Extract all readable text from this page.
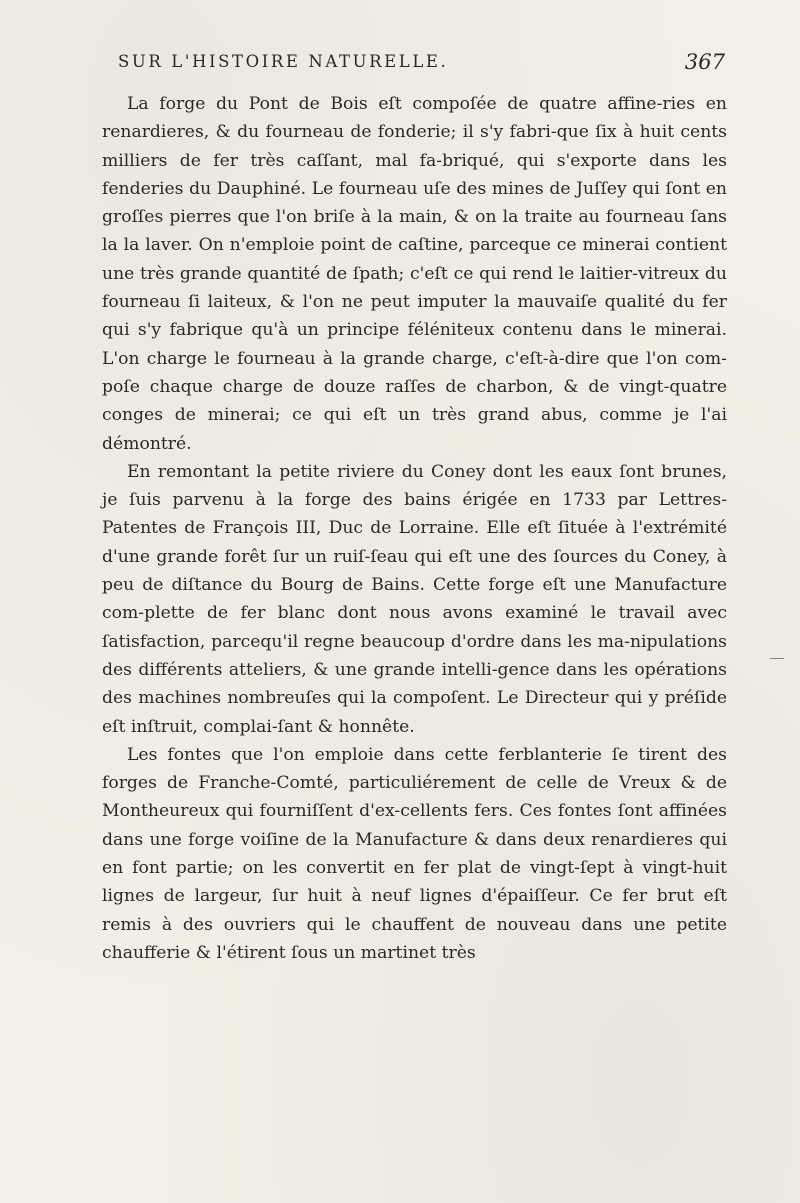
SUR L'HISTOIRE NATURELLE.	367

La forge du Pont de Bois eſt compoſée de quatre affine-ries en renardieres, & du fourneau de fonderie; il s'y fabri-que ſix à huit cents milliers de fer très caſſant, mal fa-briqué, qui s'exporte dans les fenderies du Dauphiné. Le fourneau uſe des mines de Juſſey qui ſont en groſſes pierres que l'on briſe à la main, & on la traite au fourneau ſans la la laver. On n'emploie point de caſtine, parceque ce minerai contient une très grande quantité de ſpath; c'eſt ce qui rend le laitier-vitreux du fourneau ſi laiteux, & l'on ne peut imputer la mauvaiſe qualité du fer qui s'y fabrique qu'à un principe féléniteux contenu dans le minerai. L'on charge le fourneau à la grande charge, c'eſt-à-dire que l'on com-poſe chaque charge de douze raſſes de charbon, & de vingt-quatre conges de minerai; ce qui eſt un très grand abus, comme je l'ai démontré.

En remontant la petite riviere du Coney dont les eaux ſont brunes, je ſuis parvenu à la forge des bains érigée en 1733 par Lettres-Patentes de François III, Duc de Lorraine. Elle eſt ſituée à l'extrémité d'une grande forêt ſur un ruiſ-ſeau qui eſt une des ſources du Coney, à peu de diſtance du Bourg de Bains. Cette forge eſt une Manufacture com-plette de fer blanc dont nous avons examiné le travail avec ſatisfaction, parcequ'il regne beaucoup d'ordre dans les ma-nipulations des différents atteliers, & une grande intelli-gence dans les opérations des machines nombreuſes qui la compoſent. Le Directeur qui y préſide eſt inſtruit, complai-ſant & honnête.

Les fontes que l'on emploie dans cette ferblanterie ſe tirent des forges de Franche-Comté, particuliérement de celle de Vreux & de Montheureux qui fourniſſent d'ex-cellents fers. Ces fontes ſont affinées dans une forge voiſine de la Manufacture & dans deux renardieres qui en font partie; on les convertit en fer plat de vingt-ſept à vingt-huit lignes de largeur, ſur huit à neuf lignes d'épaiſſeur. Ce fer brut eſt remis à des ouvriers qui le chauffent de nouveau dans une petite chaufferie & l'étirent ſous un martinet très
